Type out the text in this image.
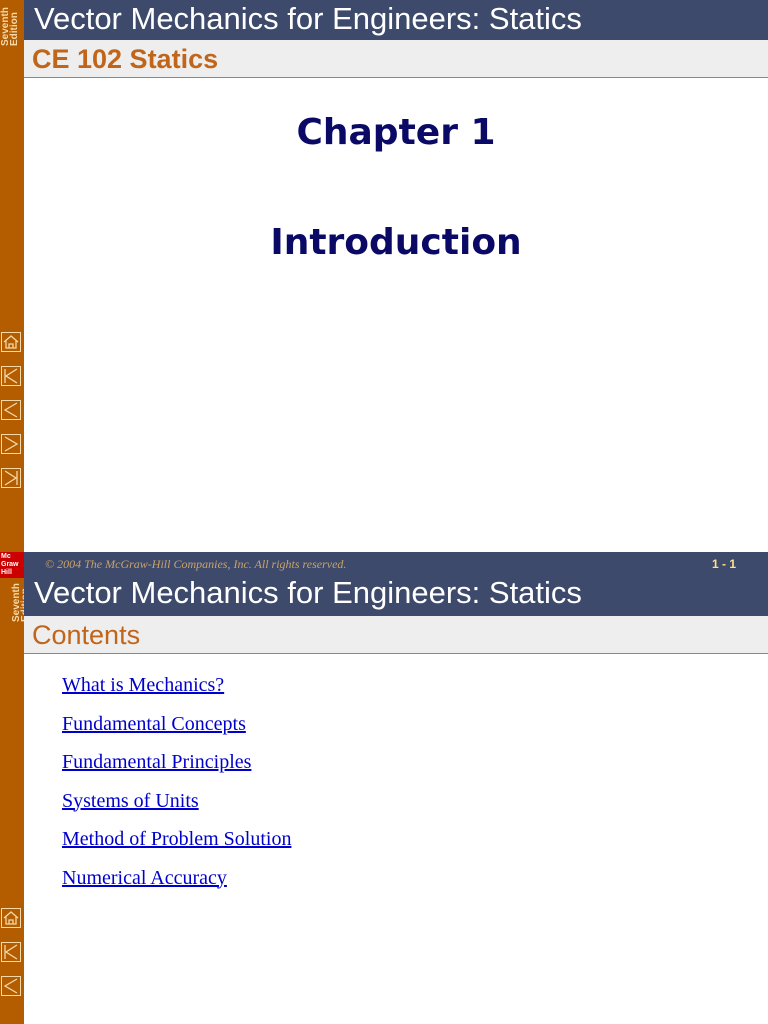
Seventh Edition Vector Mechanics for Engineers: Statics
CE 102 Statics
Chapter 1
Introduction
Mc
Graw
Hill
Seventh
© 2004 The McGraw-Hill Companies, Inc. All rights reserved.	1 - 1
Vector Mechanics for Engineers: Statics
Contents
What is Mechanics?
Fundamental Concepts
Fundamental Principles
Systems of Units
Method of Problem Solution
Numerical Accuracy
